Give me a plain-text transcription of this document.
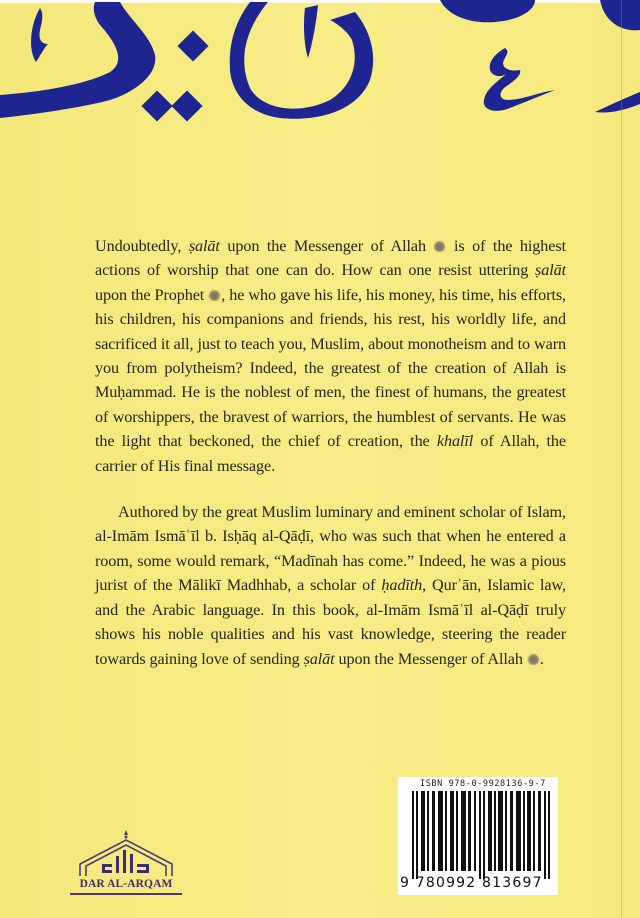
Undoubtedly, ṣalāt upon the Messenger of Allah  is of the highest actions of worship that one can do. How can one resist uttering ṣalāt upon the Prophet , he who gave his life, his money, his time, his efforts, his children, his companions and friends, his rest, his worldly life, and sacrificed it all, just to teach you, Muslim, about monotheism and to warn you from polytheism? Indeed, the greatest of the creation of Allah is Muḥammad. He is the noblest of men, the finest of humans, the greatest of worshippers, the bravest of warriors, the humblest of servants. He was the light that beckoned, the chief of creation, the khalīl of Allah, the carrier of His final message.

Authored by the great Muslim luminary and eminent scholar of Islam, al-Imām Ismāʿīl b. Isḥāq al-Qāḍī, who was such that when he entered a room, some would remark, “Madīnah has come.” Indeed, he was a pious jurist of the Mālikī Madhhab, a scholar of ḥadīth, Qurʾān, Islamic law, and the Arabic language. In this book, al-Imām Ismāʿīl al-Qāḍī truly shows his noble qualities and his vast knowledge, steering the reader towards gaining love of sending ṣalāt upon the Messenger of Allah .

DAR AL-ARQAM
ISBN 978-0-9928136-9-7
9 780992 813697
